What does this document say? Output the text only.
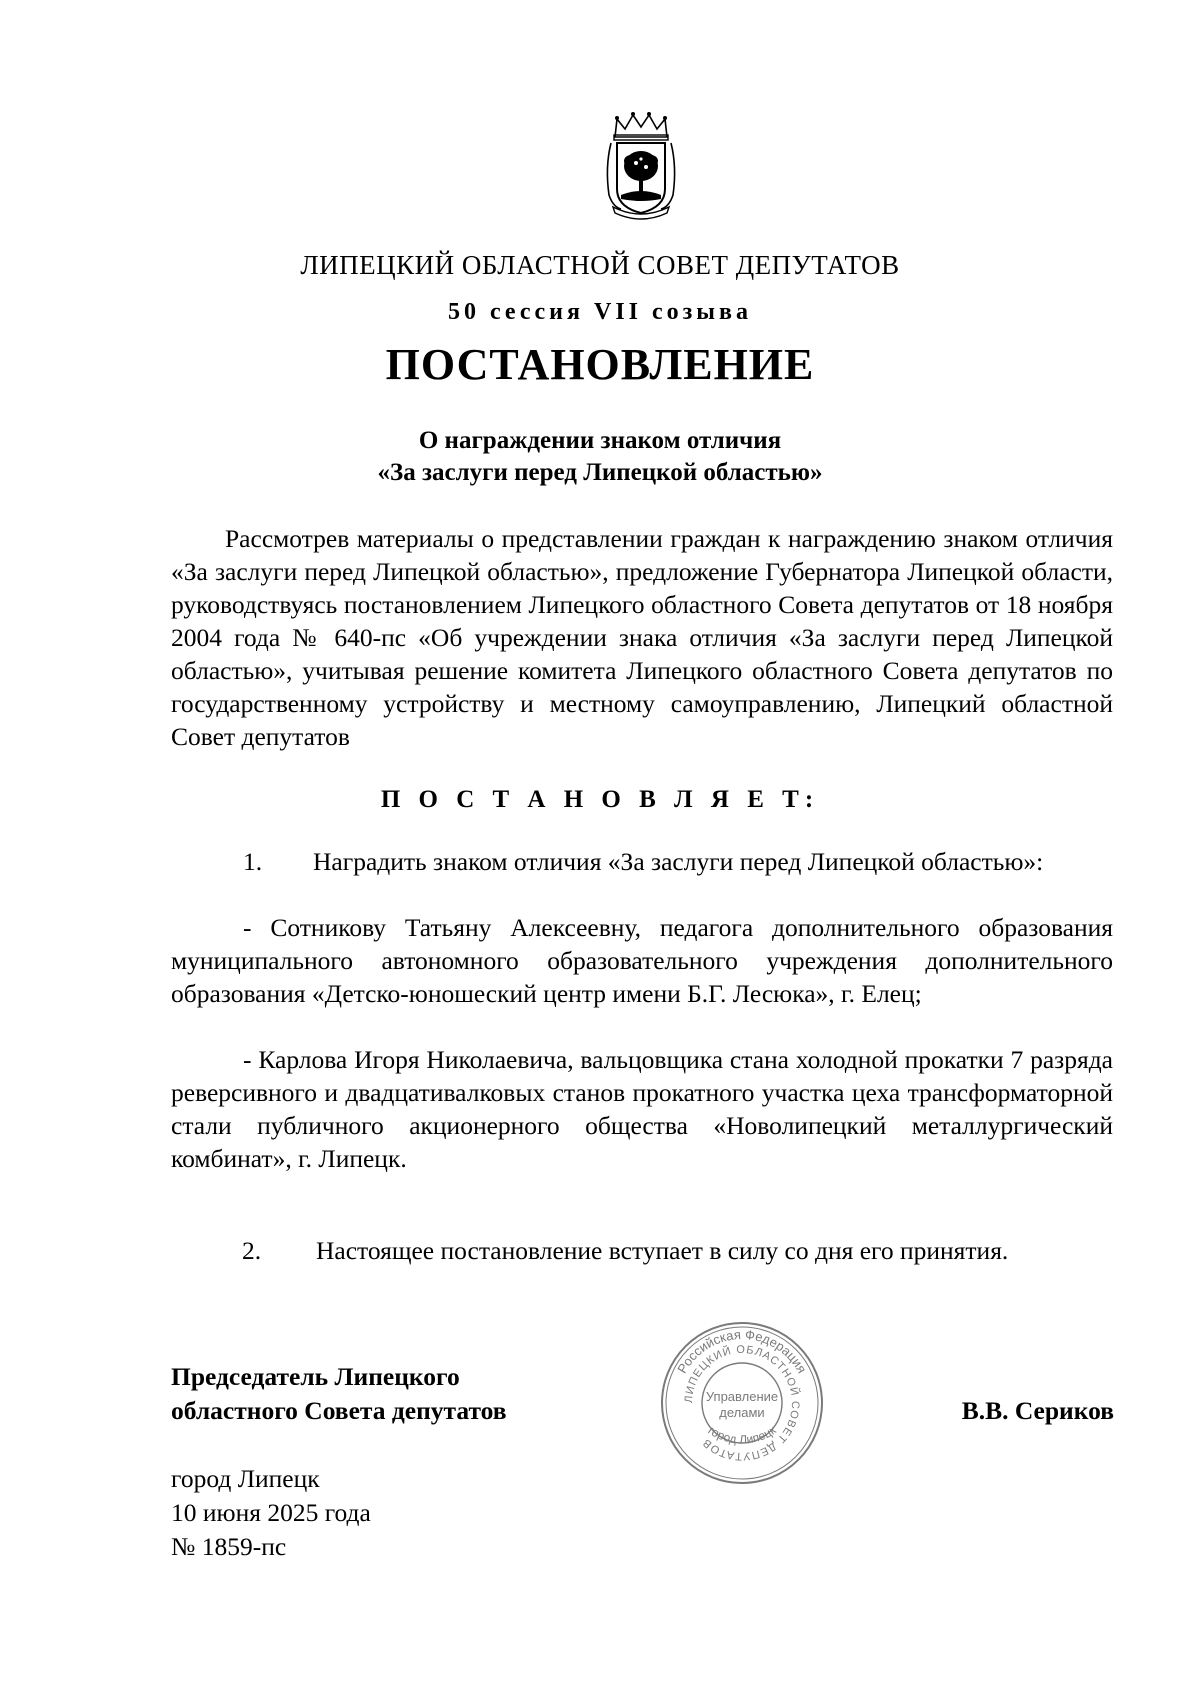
ЛИПЕЦКИЙ ОБЛАСТНОЙ СОВЕТ ДЕПУТАТОВ
50 сессия VII созыва
ПОСТАНОВЛЕНИЕ
О награждении знаком отличия
«За заслуги перед Липецкой областью»
Рассмотрев материалы о представлении граждан к награждению знаком отличия «За заслуги перед Липецкой областью», предложение Губернатора Липецкой области, руководствуясь постановлением Липецкого областного Совета депутатов от 18 ноября 2004 года № 640-пс «Об учреждении знака отличия «За заслуги перед Липецкой областью», учитывая решение комитета Липецкого областного Совета депутатов по государственному устройству и местному самоуправлению, Липецкий областной Совет депутатов
П О С Т А Н О В Л Я Е Т:
1. Наградить знаком отличия «За заслуги перед Липецкой областью»:
- Сотникову Татьяну Алексеевну, педагога дополнительного образования муниципального автономного образовательного учреждения дополнительного образования «Детско-юношеский центр имени Б.Г. Лесюка», г. Елец;
- Карлова Игоря Николаевича, вальцовщика стана холодной прокатки 7 разряда реверсивного и двадцативалковых станов прокатного участка цеха трансформаторной стали публичного акционерного общества «Новолипецкий металлургический комбинат», г. Липецк.
2. Настоящее постановление вступает в силу со дня его принятия.
Председатель Липецкого
областного Совета депутатов	В.В. Сериков
Российская Федерация
ЛИПЕЦКИЙ ОБЛАСТНОЙ СОВЕТ ДЕПУТАТОВ
город Липецк
Управление
делами
город Липецк
10 июня 2025 года
№ 1859-пс
